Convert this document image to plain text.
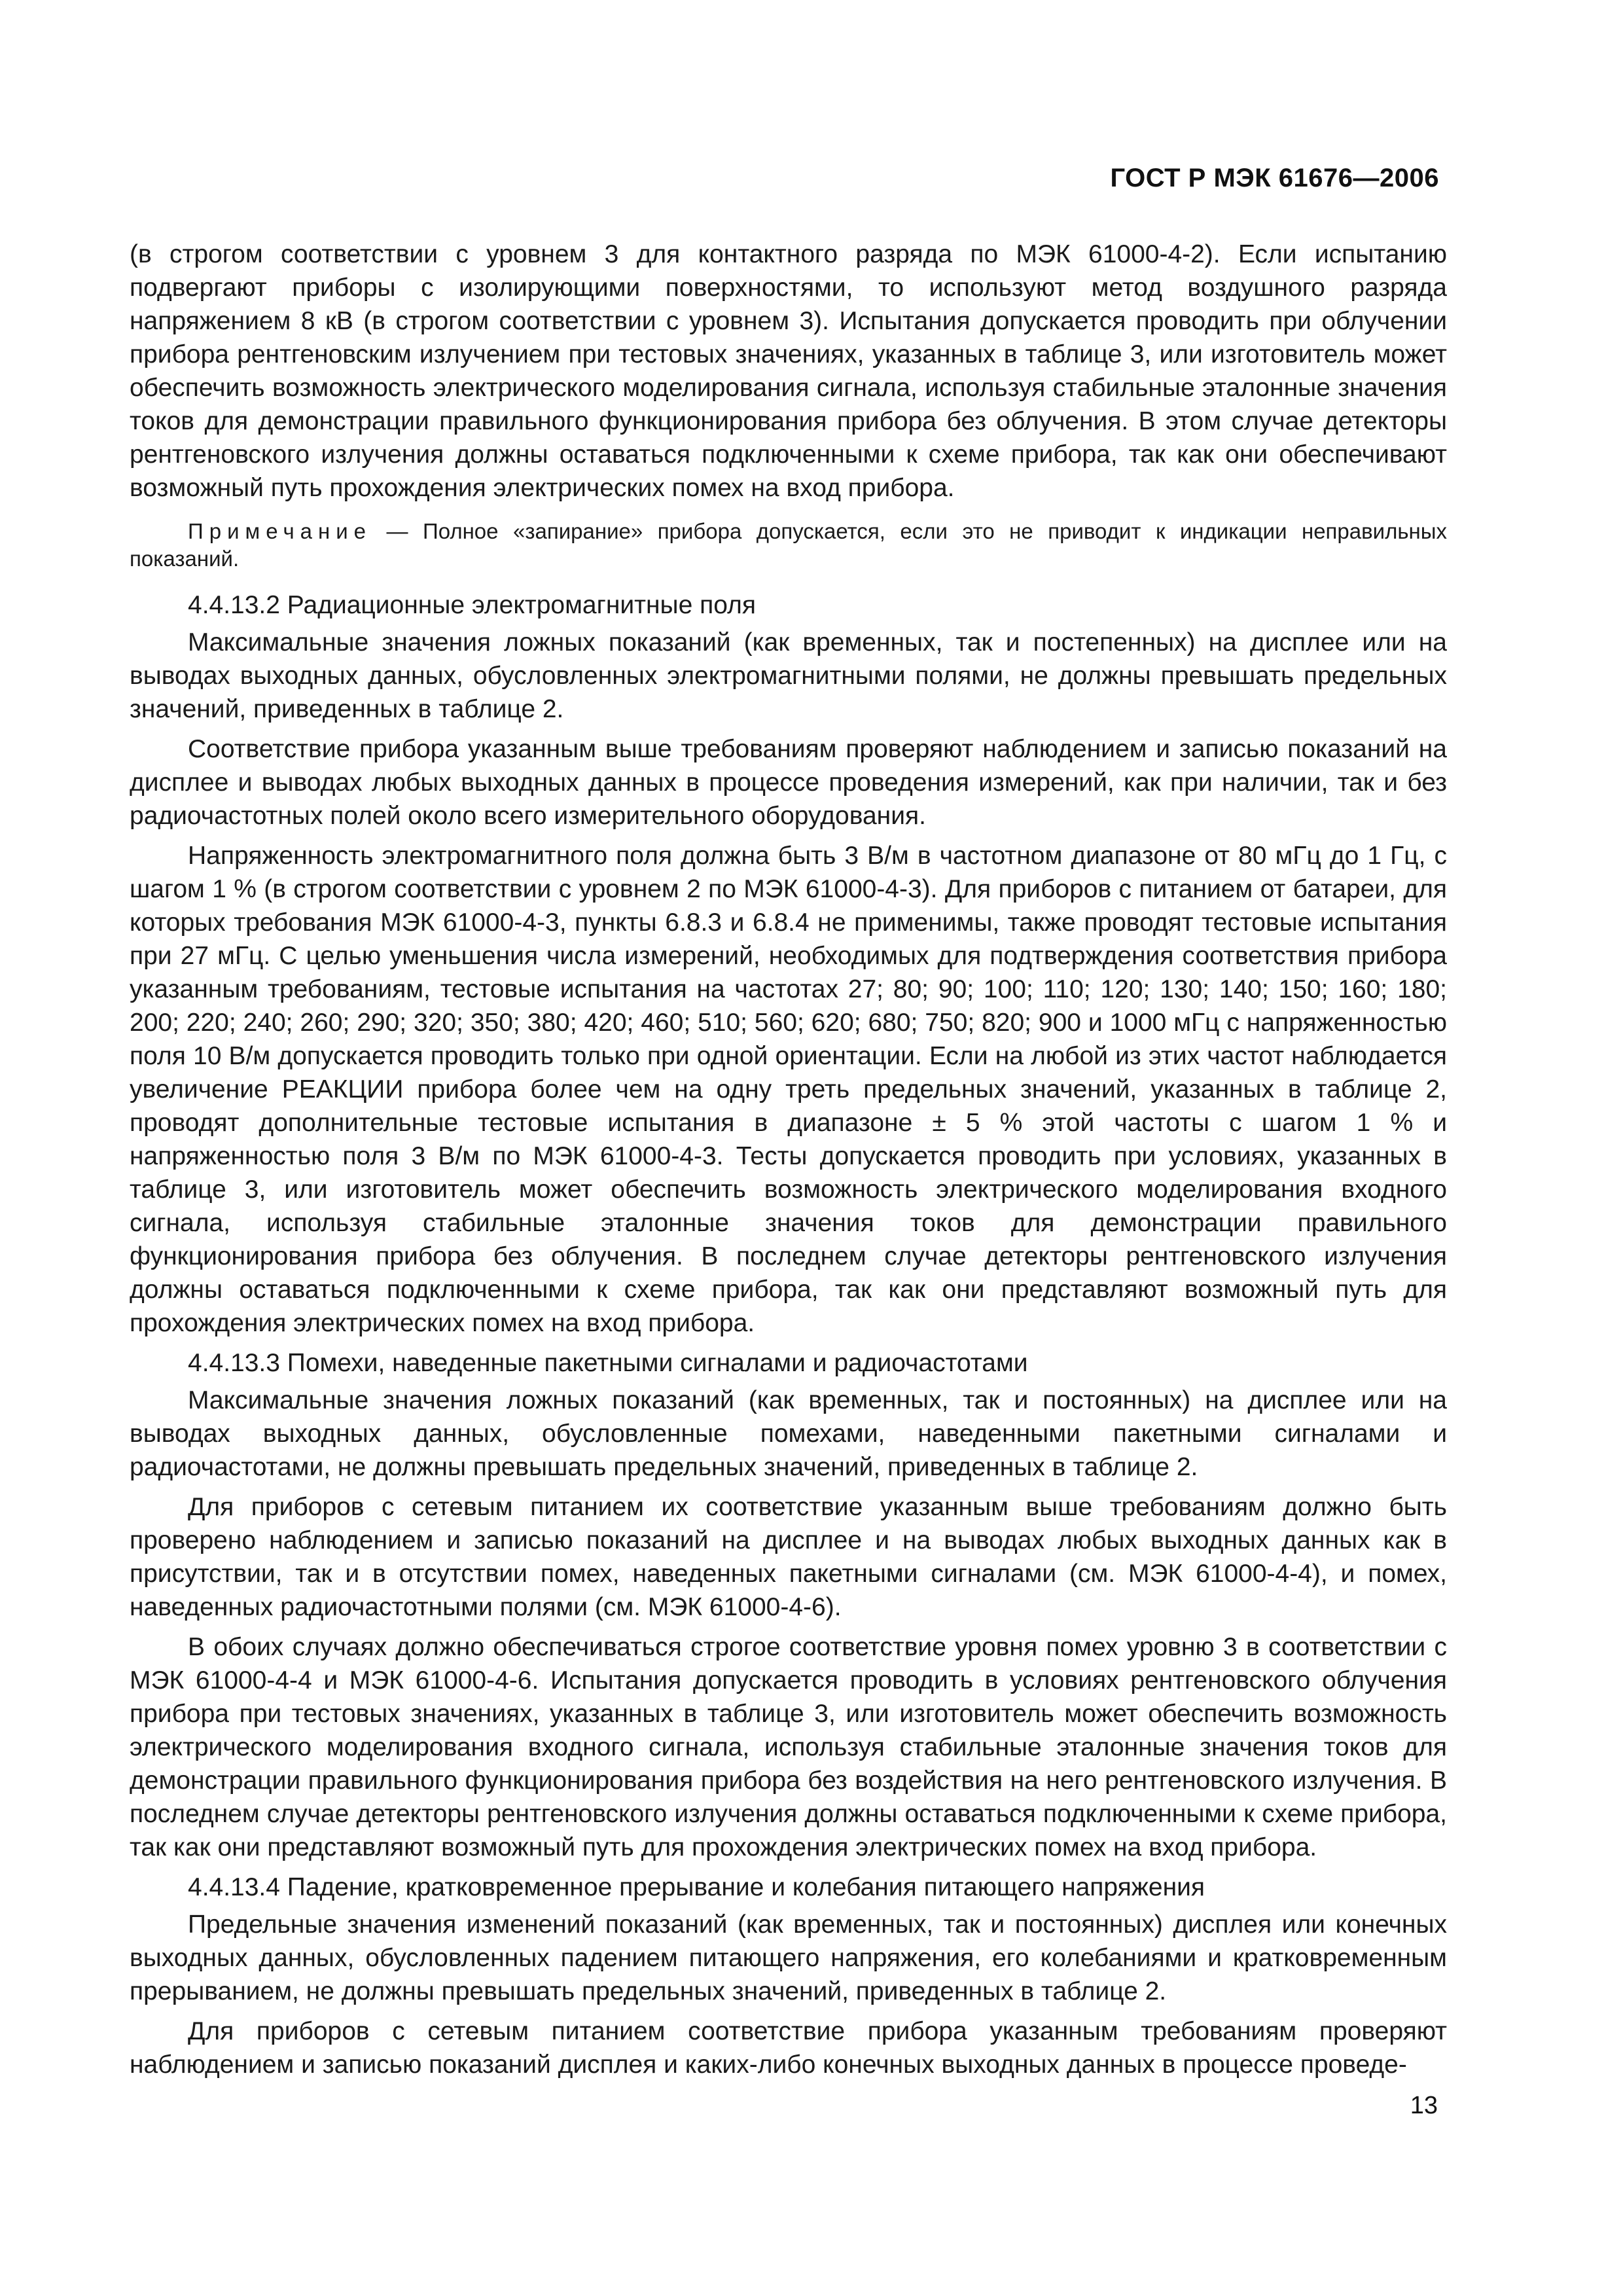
ГОСТ Р МЭК 61676—2006

(в строгом соответствии с уровнем 3 для контактного разряда по МЭК 61000-4-2). Если испытанию подвергают приборы с изолирующими поверхностями, то используют метод воздушного разряда напряжением 8 кВ (в строгом соответствии с уровнем 3). Испытания допускается проводить при облучении прибора рентгеновским излучением при тестовых значениях, указанных в таблице 3, или изготовитель может обеспечить возможность электрического моделирования сигнала, используя стабильные эталонные значения токов для демонстрации правильного функционирования прибора без облучения. В этом случае детекторы рентгеновского излучения должны оставаться подключенными к схеме прибора, так как они обеспечивают возможный путь прохождения электрических помех на вход прибора.

Примечание — Полное «запирание» прибора допускается, если это не приводит к индикации неправильных показаний.

4.4.13.2 Радиационные электромагнитные поля

Максимальные значения ложных показаний (как временных, так и постепенных) на дисплее или на выводах выходных данных, обусловленных электромагнитными полями, не должны превышать предельных значений, приведенных в таблице 2.

Соответствие прибора указанным выше требованиям проверяют наблюдением и записью показаний на дисплее и выводах любых выходных данных в процессе проведения измерений, как при наличии, так и без радиочастотных полей около всего измерительного оборудования.

Напряженность электромагнитного поля должна быть 3 В/м в частотном диапазоне от 80 мГц до 1 Гц, с шагом 1 % (в строгом соответствии с уровнем 2 по МЭК 61000-4-3). Для приборов с питанием от батареи, для которых требования МЭК 61000-4-3, пункты 6.8.3 и 6.8.4 не применимы, также проводят тестовые испытания при 27 мГц. С целью уменьшения числа измерений, необходимых для подтверждения соответствия прибора указанным требованиям, тестовые испытания на частотах 27; 80; 90; 100; 110; 120; 130; 140; 150; 160; 180; 200; 220; 240; 260; 290; 320; 350; 380; 420; 460; 510; 560; 620; 680; 750; 820; 900 и 1000 мГц с напряженностью поля 10 В/м допускается проводить только при одной ориентации. Если на любой из этих частот наблюдается увеличение РЕАКЦИИ прибора более чем на одну треть предельных значений, указанных в таблице 2, проводят дополнительные тестовые испытания в диапазоне ± 5 % этой частоты с шагом 1 % и напряженностью поля 3 В/м по МЭК 61000-4-3. Тесты допускается проводить при условиях, указанных в таблице 3, или изготовитель может обеспечить возможность электрического моделирования входного сигнала, используя стабильные эталонные значения токов для демонстрации правильного функционирования прибора без облучения. В последнем случае детекторы рентгеновского излучения должны оставаться подключенными к схеме прибора, так как они представляют возможный путь для прохождения электрических помех на вход прибора.

4.4.13.3 Помехи, наведенные пакетными сигналами и радиочастотами

Максимальные значения ложных показаний (как временных, так и постоянных) на дисплее или на выводах выходных данных, обусловленные помехами, наведенными пакетными сигналами и радиочастотами, не должны превышать предельных значений, приведенных в таблице 2.

Для приборов с сетевым питанием их соответствие указанным выше требованиям должно быть проверено наблюдением и записью показаний на дисплее и на выводах любых выходных данных как в присутствии, так и в отсутствии помех, наведенных пакетными сигналами (см. МЭК 61000-4-4), и помех, наведенных радиочастотными полями (см. МЭК 61000-4-6).

В обоих случаях должно обеспечиваться строгое соответствие уровня помех уровню 3 в соответствии с МЭК 61000-4-4 и МЭК 61000-4-6. Испытания допускается проводить в условиях рентгеновского облучения прибора при тестовых значениях, указанных в таблице 3, или изготовитель может обеспечить возможность электрического моделирования входного сигнала, используя стабильные эталонные значения токов для демонстрации правильного функционирования прибора без воздействия на него рентгеновского излучения. В последнем случае детекторы рентгеновского излучения должны оставаться подключенными к схеме прибора, так как они представляют возможный путь для прохождения электрических помех на вход прибора.

4.4.13.4 Падение, кратковременное прерывание и колебания питающего напряжения

Предельные значения изменений показаний (как временных, так и постоянных) дисплея или конечных выходных данных, обусловленных падением питающего напряжения, его колебаниями и кратковременным прерыванием, не должны превышать предельных значений, приведенных в таблице 2.

Для приборов с сетевым питанием соответствие прибора указанным требованиям проверяют наблюдением и записью показаний дисплея и каких-либо конечных выходных данных в процессе проведе-

13
